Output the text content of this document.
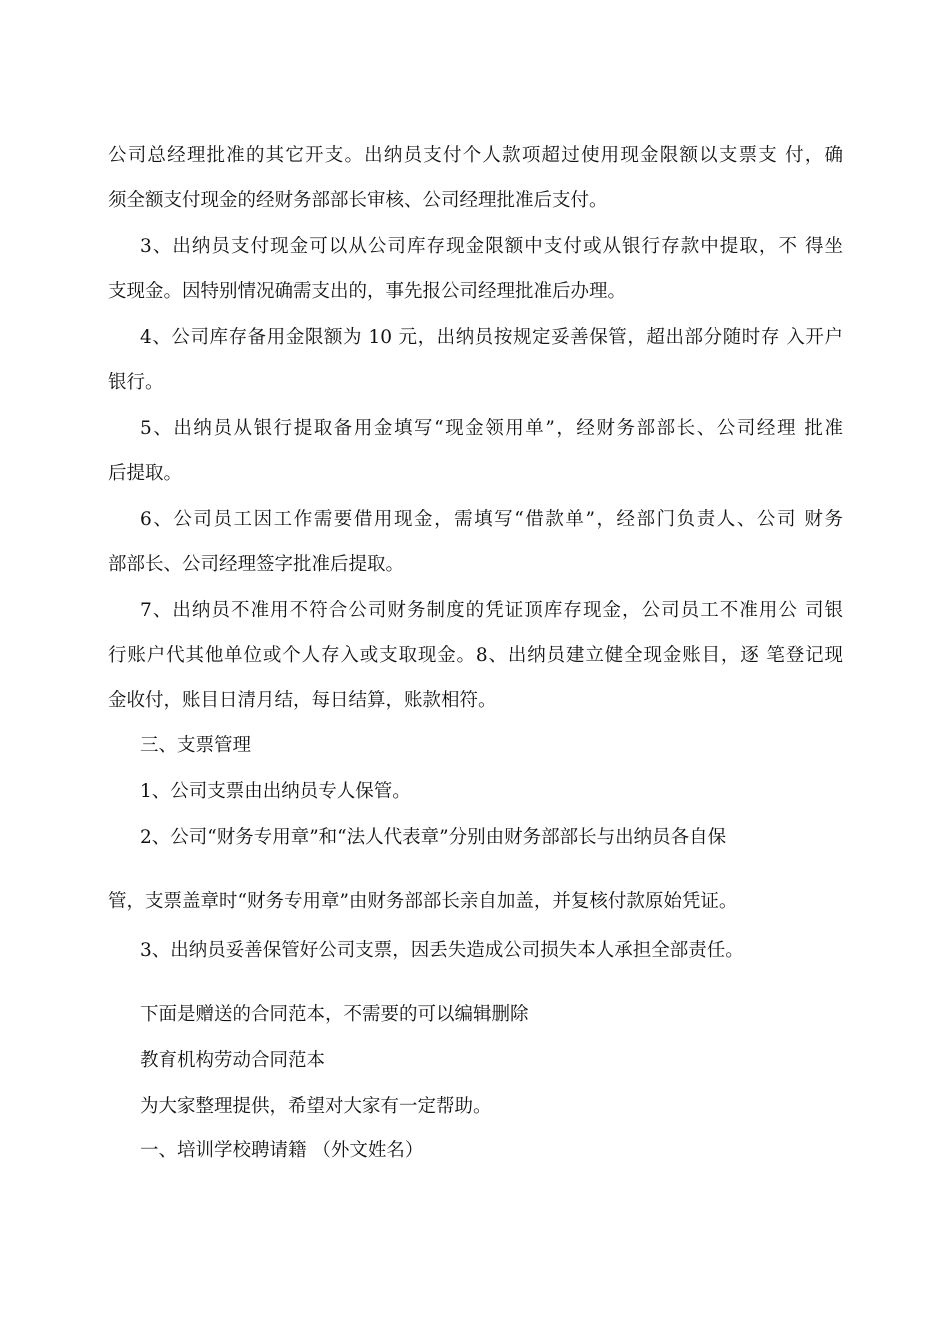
公司总经理批准的其它开支。出纳员支付个人款项超过使用现金限额以支票支 付，确
须全额支付现金的经财务部部长审核、公司经理批准后支付。
3、出纳员支付现金可以从公司库存现金限额中支付或从银行存款中提取，不 得坐
支现金。因特别情况确需支出的，事先报公司经理批准后办理。
4、公司库存备用金限额为 10 元，出纳员按规定妥善保管，超出部分随时存 入开户
银行。
5、出纳员从银行提取备用金填写“现金领用单”，经财务部部长、公司经理 批准
后提取。
6、公司员工因工作需要借用现金，需填写“借款单”，经部门负责人、公司 财务
部部长、公司经理签字批准后提取。
7、出纳员不准用不符合公司财务制度的凭证顶库存现金，公司员工不准用公 司银
行账户代其他单位或个人存入或支取现金。8、出纳员建立健全现金账目，逐 笔登记现
金收付，账目日清月结，每日结算，账款相符。
三、支票管理
1、公司支票由出纳员专人保管。
2、公司“财务专用章”和“法人代表章”分别由财务部部长与出纳员各自保
管，支票盖章时“财务专用章”由财务部部长亲自加盖，并复核付款原始凭证。
3、出纳员妥善保管好公司支票，因丢失造成公司损失本人承担全部责任。
下面是赠送的合同范本，不需要的可以编辑删除
教育机构劳动合同范本
为大家整理提供，希望对大家有一定帮助。
一、培训学校聘请籍 （外文姓名）
